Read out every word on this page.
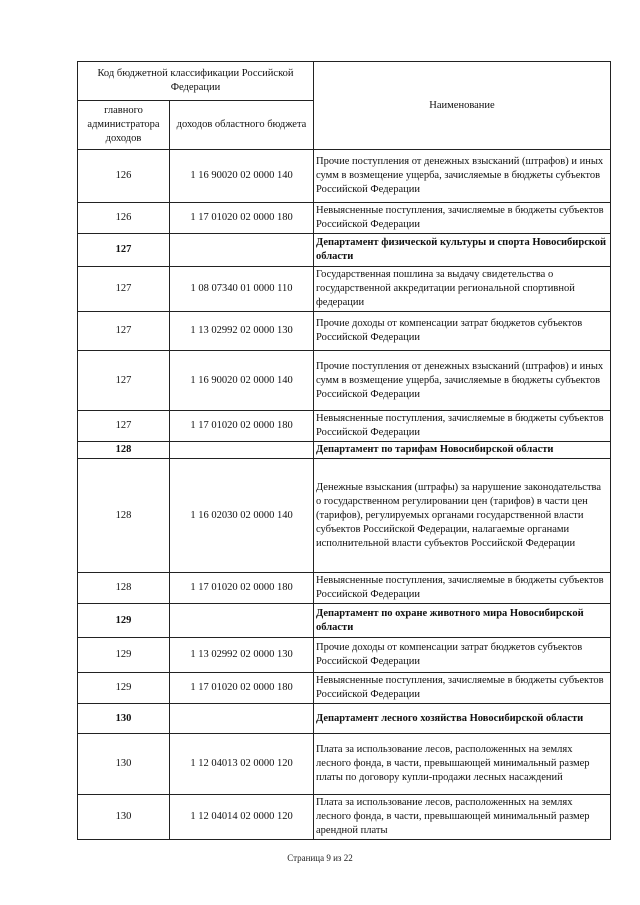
Код бюджетной классификации Российской Федерации		Наименование
главного администратора доходов	доходов областного бюджета	
126	1 16 90020 02 0000 140	Прочие поступления от денежных взысканий (штрафов) и иных сумм в возмещение ущерба, зачисляемые в бюджеты субъектов Российской Федерации
126	1 17 01020 02 0000 180	Невыясненные поступления, зачисляемые в бюджеты субъектов Российской Федерации
127		Департамент физической культуры и спорта Новосибирской области
127	1 08 07340 01 0000 110	Государственная пошлина за выдачу свидетельства о государственной аккредитации региональной спортивной федерации
127	1 13 02992 02 0000 130	Прочие доходы от компенсации затрат бюджетов субъектов Российской Федерации
127	1 16 90020 02 0000 140	Прочие поступления от денежных взысканий (штрафов) и иных сумм в возмещение ущерба, зачисляемые в бюджеты субъектов Российской Федерации
127	1 17 01020 02 0000 180	Невыясненные поступления, зачисляемые в бюджеты субъектов Российской Федерации
128		Департамент по тарифам Новосибирской области
128	1 16 02030 02 0000 140	Денежные взыскания (штрафы) за нарушение законодательства о государственном регулировании цен (тарифов) в части цен (тарифов), регулируемых органами государственной власти субъектов Российской Федерации, налагаемые органами исполнительной власти субъектов Российской Федерации
128	1 17 01020 02 0000 180	Невыясненные поступления, зачисляемые в бюджеты субъектов Российской Федерации
129		Департамент по охране животного мира Новосибирской области
129	1 13 02992 02 0000 130	Прочие доходы от компенсации затрат бюджетов субъектов Российской Федерации
129	1 17 01020 02 0000 180	Невыясненные поступления, зачисляемые в бюджеты субъектов Российской Федерации
130		Департамент лесного хозяйства Новосибирской области
130	1 12 04013 02 0000 120	Плата за использование лесов, расположенных на землях лесного фонда, в части, превышающей минимальный размер платы по договору купли-продажи лесных насаждений
130	1 12 04014 02 0000 120	Плата за использование лесов, расположенных на землях лесного фонда, в части, превышающей минимальный размер арендной платы
Страница 9 из 22
